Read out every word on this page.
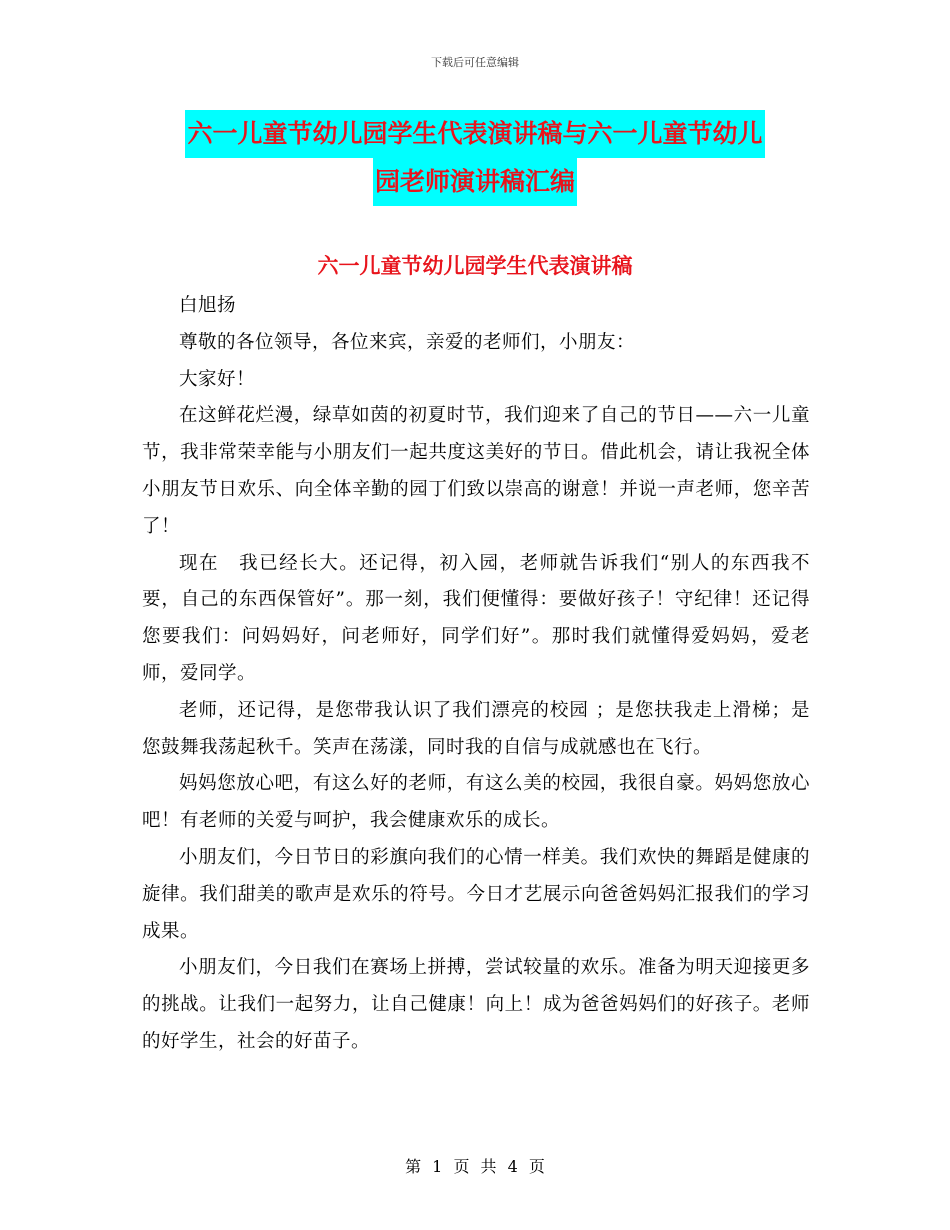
下载后可任意编辑
六一儿童节幼儿园学生代表演讲稿与六一儿童节幼儿
园老师演讲稿汇编
六一儿童节幼儿园学生代表演讲稿

白旭扬

尊敬的各位领导，各位来宾，亲爱的老师们，小朋友：

大家好！

在这鲜花烂漫，绿草如茵的初夏时节，我们迎来了自己的节日——六一儿童节，我非常荣幸能与小朋友们一起共度这美好的节日。借此机会，请让我祝全体小朋友节日欢乐、向全体辛勤的园丁们致以崇高的谢意！并说一声老师，您辛苦了！

现在　我已经长大。还记得，初入园，老师就告诉我们“别人的东西我不要，自己的东西保管好”。那一刻，我们便懂得：要做好孩子！守纪律！还记得您要我们：问妈妈好，问老师好，同学们好”。那时我们就懂得爱妈妈，爱老师，爱同学。

老师，还记得，是您带我认识了我们漂亮的校园 ；是您扶我走上滑梯；是您鼓舞我荡起秋千。笑声在荡漾，同时我的自信与成就感也在飞行。

妈妈您放心吧，有这么好的老师，有这么美的校园，我很自豪。妈妈您放心吧！有老师的关爱与呵护，我会健康欢乐的成长。

小朋友们，今日节日的彩旗向我们的心情一样美。我们欢快的舞蹈是健康的旋律。我们甜美的歌声是欢乐的符号。今日才艺展示向爸爸妈妈汇报我们的学习成果。

小朋友们，今日我们在赛场上拼搏，尝试较量的欢乐。准备为明天迎接更多的挑战。让我们一起努力，让自己健康！向上！成为爸爸妈妈们的好孩子。老师的好学生，社会的好苗子。

第 1 页 共 4 页
